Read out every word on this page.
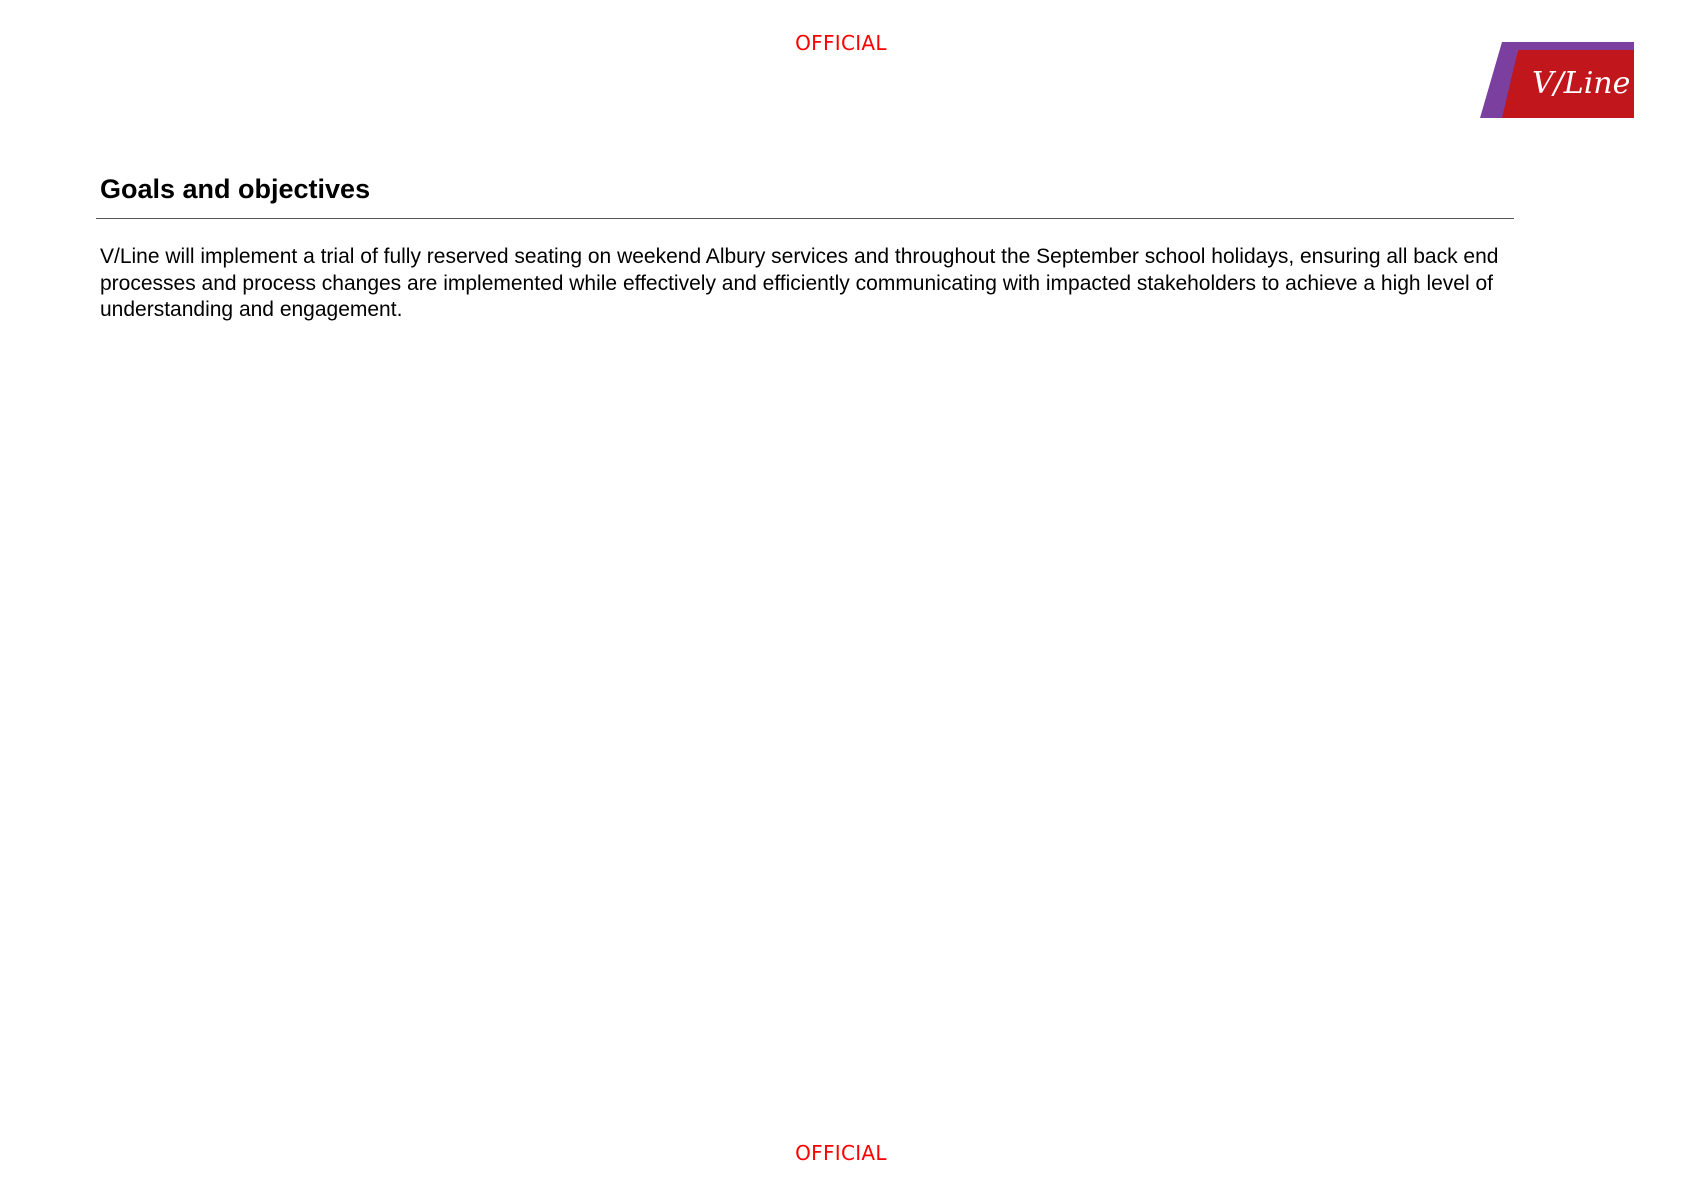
OFFICIAL
V/Line
Goals and objectives

V/Line will implement a trial of fully reserved seating on weekend Albury services and throughout the September school holidays, ensuring all back end processes and process changes are implemented while effectively and efficiently communicating with impacted stakeholders to achieve a high level of understanding and engagement.

OFFICIAL
